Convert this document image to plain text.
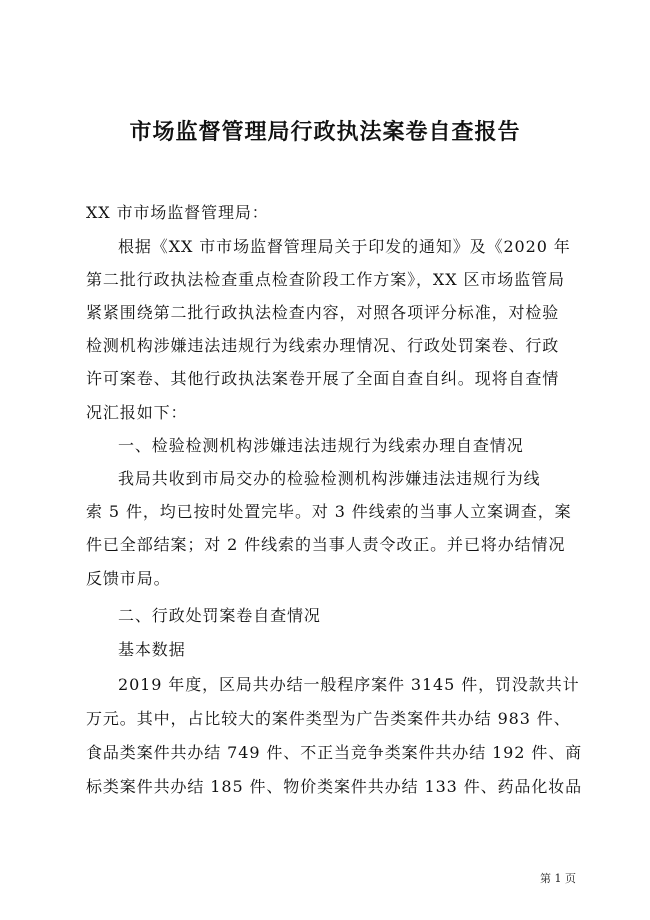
市场监督管理局行政执法案卷自查报告
XX 市市场监督管理局：
根据《XX 市市场监督管理局关于印发的通知》及《2020 年
第二批行政执法检查重点检查阶段工作方案》，XX 区市场监管局
紧紧围绕第二批行政执法检查内容，对照各项评分标准，对检验
检测机构涉嫌违法违规行为线索办理情况、行政处罚案卷、行政
许可案卷、其他行政执法案卷开展了全面自查自纠。现将自查情
况汇报如下：
一、检验检测机构涉嫌违法违规行为线索办理自查情况
我局共收到市局交办的检验检测机构涉嫌违法违规行为线
索 5 件，均已按时处置完毕。对 3 件线索的当事人立案调查，案
件已全部结案；对 2 件线索的当事人责令改正。并已将办结情况
反馈市局。
二、行政处罚案卷自查情况
基本数据
2019 年度，区局共办结一般程序案件 3145 件，罚没款共计
万元。其中，占比较大的案件类型为广告类案件共办结 983 件、
食品类案件共办结 749 件、不正当竞争类案件共办结 192 件、商
标类案件共办结 185 件、物价类案件共办结 133 件、药品化妆品
第 1 页
